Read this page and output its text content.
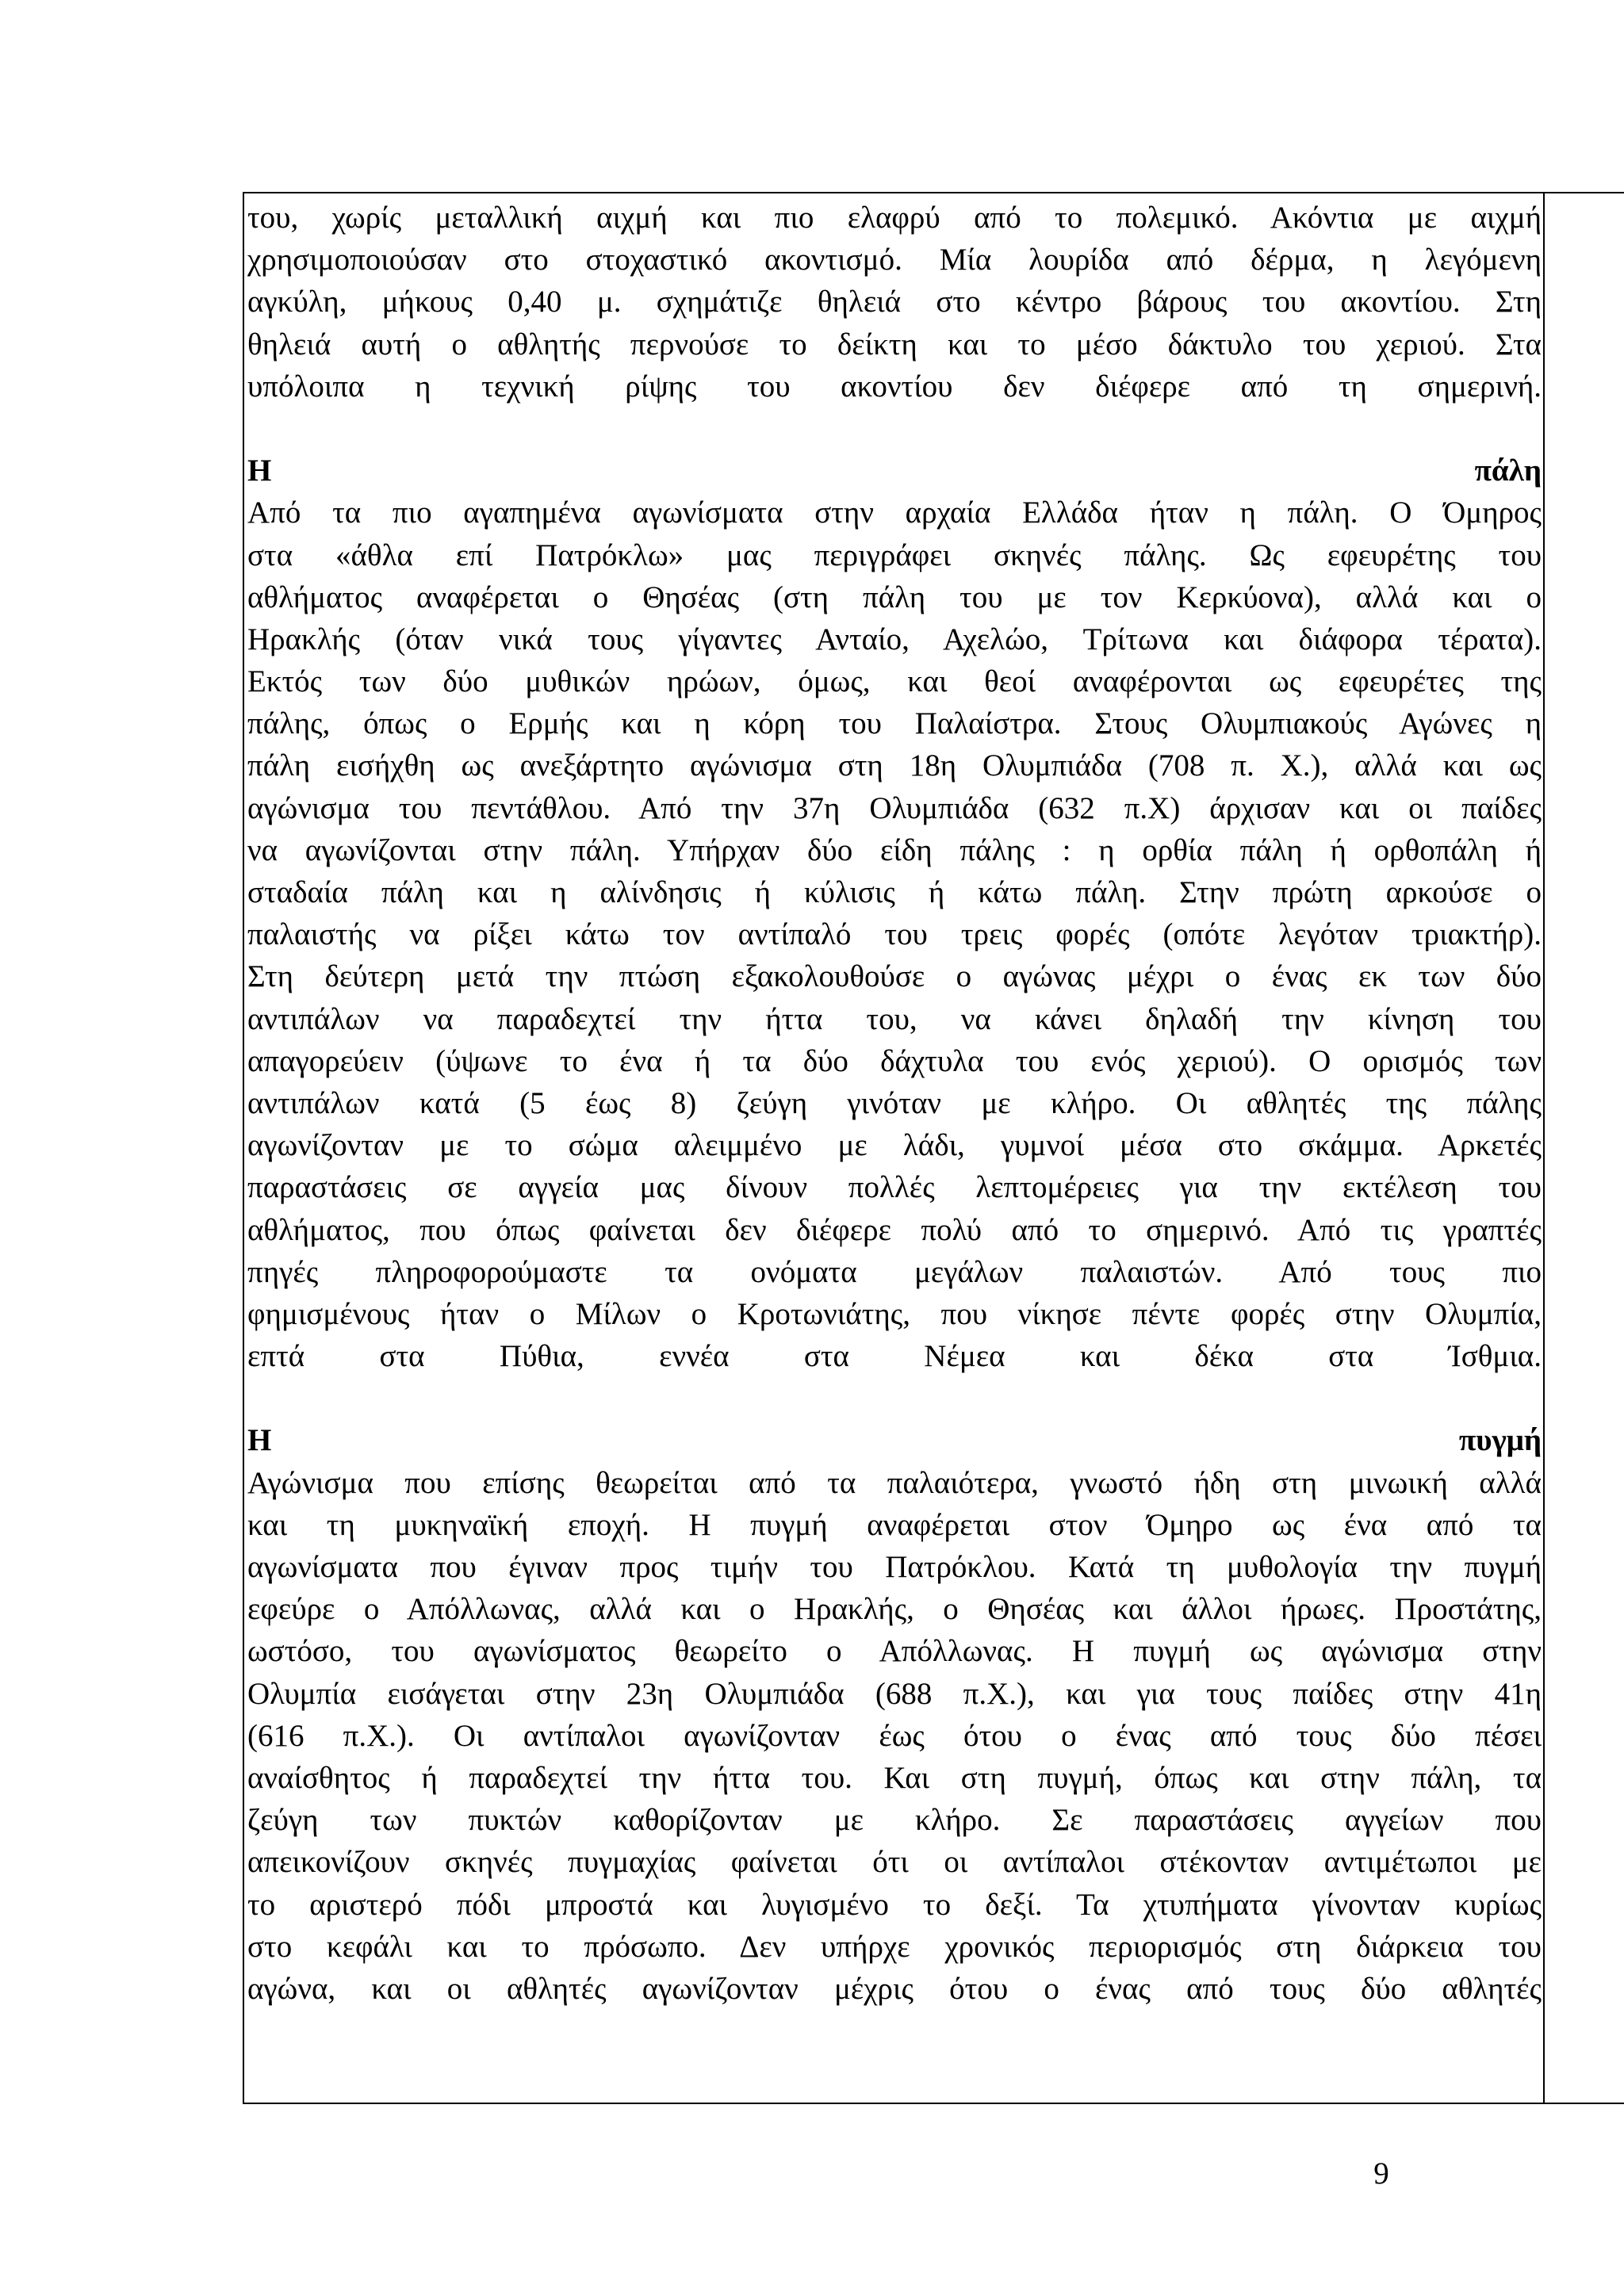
του, χωρίς μεταλλική αιχμή και πιο ελαφρύ από το πολεμικό. Ακόντια με αιχμή
χρησιμοποιούσαν στο στοχαστικό ακοντισμό. Μία λουρίδα από δέρμα, η λεγόμενη
αγκύλη, μήκους 0,40 μ. σχημάτιζε θηλειά στο κέντρο βάρους του ακοντίου. Στη
θηλειά αυτή ο αθλητής περνούσε το δείκτη και το μέσο δάκτυλο του χεριού. Στα
υπόλοιπα η τεχνική ρίψης του ακοντίου δεν διέφερε από τη σημερινή.
Η	πάλη
Από τα πιο αγαπημένα αγωνίσματα στην αρχαία Ελλάδα ήταν η πάλη. Ο Όμηρος
στα «άθλα επί Πατρόκλω» μας περιγράφει σκηνές πάλης. Ως εφευρέτης του
αθλήματος αναφέρεται ο Θησέας (στη πάλη του με τον Κερκύονα), αλλά και ο
Ηρακλής (όταν νικά τους γίγαντες Ανταίο, Αχελώο, Τρίτωνα και διάφορα τέρατα).
Εκτός των δύο μυθικών ηρώων, όμως, και θεοί αναφέρονται ως εφευρέτες της
πάλης, όπως ο Ερμής και η κόρη του Παλαίστρα. Στους Ολυμπιακούς Αγώνες η
πάλη εισήχθη ως ανεξάρτητο αγώνισμα στη 18η Ολυμπιάδα (708 π. Χ.), αλλά και ως
αγώνισμα του πεντάθλου. Από την 37η Ολυμπιάδα (632 π.Χ) άρχισαν και οι παίδες
να αγωνίζονται στην πάλη. Υπήρχαν δύο είδη πάλης : η ορθία πάλη ή ορθοπάλη ή
σταδαία πάλη και η αλίνδησις ή κύλισις ή κάτω πάλη. Στην πρώτη αρκούσε ο
παλαιστής να ρίξει κάτω τον αντίπαλό του τρεις φορές (οπότε λεγόταν τριακτήρ).
Στη δεύτερη μετά την πτώση εξακολουθούσε ο αγώνας μέχρι ο ένας εκ των δύο
αντιπάλων να παραδεχτεί την ήττα του, να κάνει δηλαδή την κίνηση του
απαγορεύειν (ύψωνε το ένα ή τα δύο δάχτυλα του ενός χεριού). Ο ορισμός των
αντιπάλων κατά (5 έως 8) ζεύγη γινόταν με κλήρο. Οι αθλητές της πάλης
αγωνίζονταν με το σώμα αλειμμένο με λάδι, γυμνοί μέσα στο σκάμμα. Αρκετές
παραστάσεις σε αγγεία μας δίνουν πολλές λεπτομέρειες για την εκτέλεση του
αθλήματος, που όπως φαίνεται δεν διέφερε πολύ από το σημερινό. Από τις γραπτές
πηγές πληροφορούμαστε τα ονόματα μεγάλων παλαιστών. Από τους πιο
φημισμένους ήταν ο Μίλων ο Κροτωνιάτης, που νίκησε πέντε φορές στην Ολυμπία,
επτά στα Πύθια, εννέα στα Νέμεα και δέκα στα Ίσθμια.
Η	πυγμή
Αγώνισμα που επίσης θεωρείται από τα παλαιότερα, γνωστό ήδη στη μινωική αλλά
και τη μυκηναϊκή εποχή. Η πυγμή αναφέρεται στον Όμηρο ως ένα από τα
αγωνίσματα που έγιναν προς τιμήν του Πατρόκλου. Κατά τη μυθολογία την πυγμή
εφεύρε ο Απόλλωνας, αλλά και ο Ηρακλής, ο Θησέας και άλλοι ήρωες. Προστάτης,
ωστόσο, του αγωνίσματος θεωρείτο ο Απόλλωνας. Η πυγμή ως αγώνισμα στην
Ολυμπία εισάγεται στην 23η Ολυμπιάδα (688 π.Χ.), και για τους παίδες στην 41η
(616 π.Χ.). Οι αντίπαλοι αγωνίζονταν έως ότου ο ένας από τους δύο πέσει
αναίσθητος ή παραδεχτεί την ήττα του. Και στη πυγμή, όπως και στην πάλη, τα
ζεύγη των πυκτών καθορίζονταν με κλήρο. Σε παραστάσεις αγγείων που
απεικονίζουν σκηνές πυγμαχίας φαίνεται ότι οι αντίπαλοι στέκονταν αντιμέτωποι με
το αριστερό πόδι μπροστά και λυγισμένο το δεξί. Τα χτυπήματα γίνονταν κυρίως
στο κεφάλι και το πρόσωπο. Δεν υπήρχε χρονικός περιορισμός στη διάρκεια του
αγώνα, και οι αθλητές αγωνίζονταν μέχρις ότου ο ένας από τους δύο αθλητές
9
